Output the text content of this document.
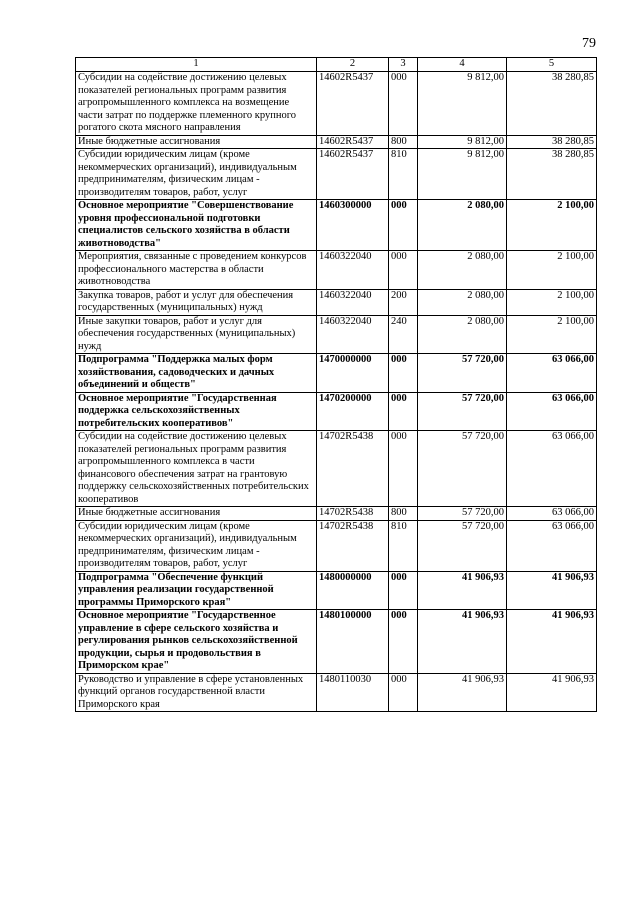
79
1	2	3	4	5
Субсидии на содействие достижению целевых показателей региональных программ развития агропромышленного комплекса на возмещение части затрат по поддержке племенного крупного рогатого скота мясного направления	14602R5437	000	9 812,00	38 280,85
Иные бюджетные ассигнования	14602R5437	800	9 812,00	38 280,85
Субсидии юридическим лицам (кроме некоммерческих организаций), индивидуальным предпринимателям, физическим лицам - производителям товаров, работ, услуг	14602R5437	810	9 812,00	38 280,85
Основное мероприятие "Совершенствование уровня профессиональной подготовки специалистов сельского хозяйства в области животноводства"	1460300000	000	2 080,00	2 100,00
Мероприятия, связанные с проведением конкурсов профессионального мастерства в области животноводства	1460322040	000	2 080,00	2 100,00
Закупка товаров, работ и услуг для обеспечения государственных (муниципальных) нужд	1460322040	200	2 080,00	2 100,00
Иные закупки товаров, работ и услуг для обеспечения государственных (муниципальных) нужд	1460322040	240	2 080,00	2 100,00
Подпрограмма "Поддержка малых форм хозяйствования, садоводческих и дачных объединений и обществ"	1470000000	000	57 720,00	63 066,00
Основное мероприятие "Государственная поддержка сельскохозяйственных потребительских кооперативов"	1470200000	000	57 720,00	63 066,00
Субсидии на содействие достижению целевых показателей региональных программ развития агропромышленного комплекса в части финансового обеспечения затрат на грантовую поддержку сельскохозяйственных потребительских кооперативов	14702R5438	000	57 720,00	63 066,00
Иные бюджетные ассигнования	14702R5438	800	57 720,00	63 066,00
Субсидии юридическим лицам (кроме некоммерческих организаций), индивидуальным предпринимателям, физическим лицам - производителям товаров, работ, услуг	14702R5438	810	57 720,00	63 066,00
Подпрограмма "Обеспечение функций управления реализации государственной программы Приморского края"	1480000000	000	41 906,93	41 906,93
Основное мероприятие "Государственное управление в сфере сельского хозяйства и регулирования рынков сельскохозяйственной продукции, сырья и продовольствия в Приморском крае"	1480100000	000	41 906,93	41 906,93
Руководство и управление в сфере установленных функций органов государственной власти Приморского края	1480110030	000	41 906,93	41 906,93
